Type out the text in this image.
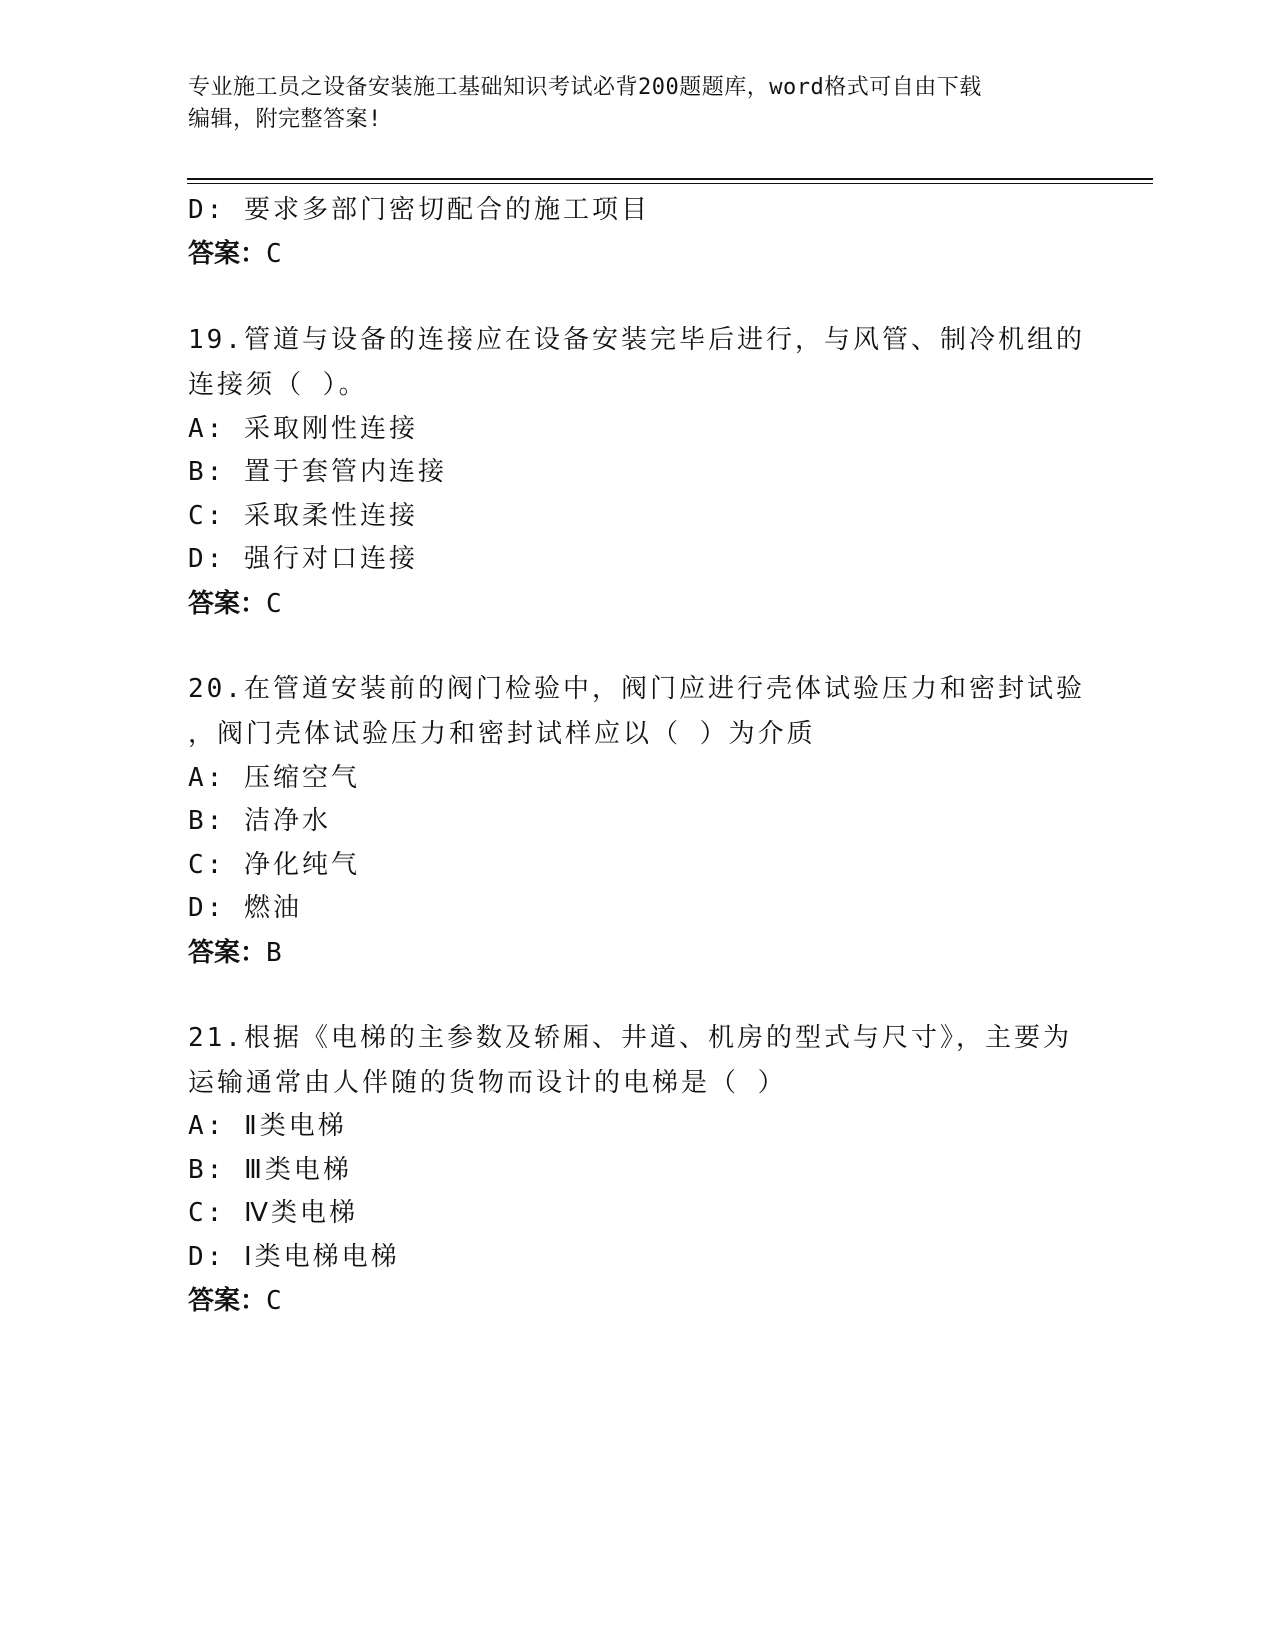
专业施工员之设备安装施工基础知识考试必背200题题库，word格式可自由下载
编辑，附完整答案!
D: 要求多部门密切配合的施工项目
答案：C
19.管道与设备的连接应在设备安装完毕后进行，与风管、制冷机组的
连接须（ ）。
A: 采取刚性连接
B: 置于套管内连接
C: 采取柔性连接
D: 强行对口连接
答案：C
20.在管道安装前的阀门检验中，阀门应进行壳体试验压力和密封试验
，阀门壳体试验压力和密封试样应以（ ）为介质
A: 压缩空气
B: 洁净水
C: 净化纯气
D: 燃油
答案：B
21.根据《电梯的主参数及轿厢、井道、机房的型式与尺寸》，主要为
运输通常由人伴随的货物而设计的电梯是（ ）
A: Ⅱ类电梯
B: Ⅲ类电梯
C: Ⅳ类电梯
D: Ⅰ类电梯电梯
答案：C
